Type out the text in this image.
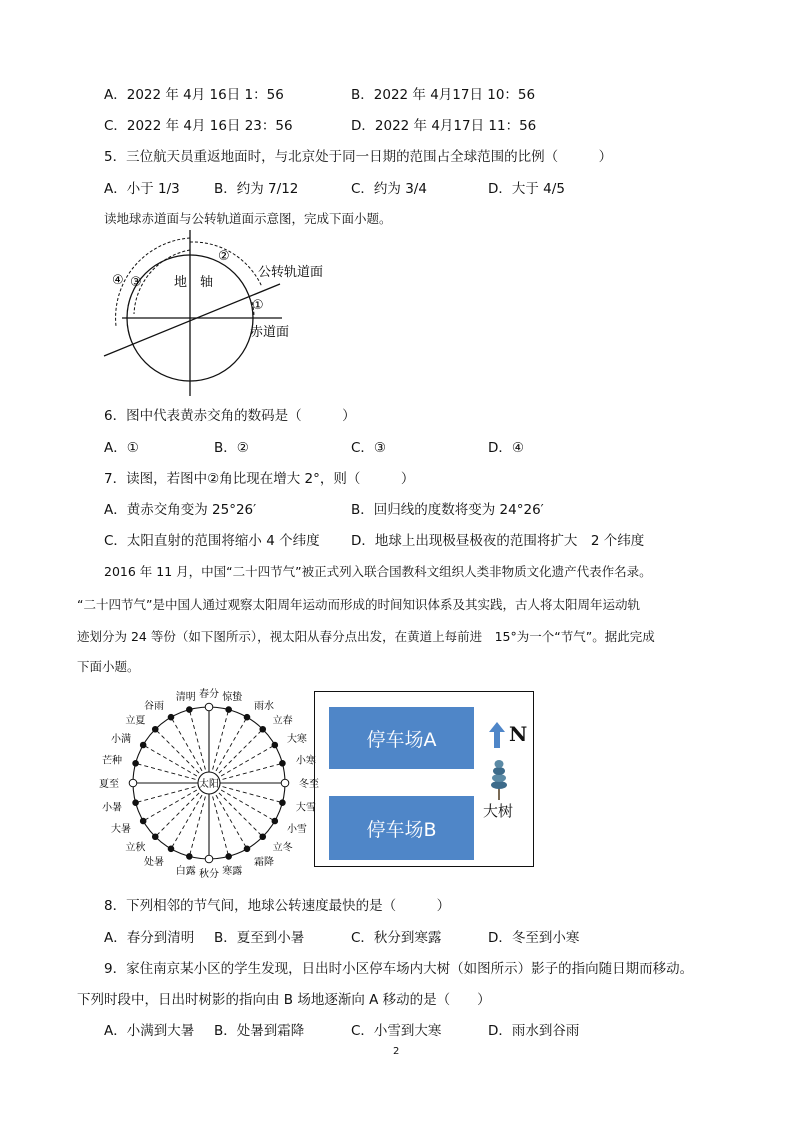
A．2022 年 4月 16日 1：56	B．2022 年 4月17日 10：56
C．2022 年 4月 16日 23：56	D．2022 年 4月17日 11：56
5．三位航天员重返地面时，与北京处于同一日期的范围占全球范围的比例（　　　）
A．小于 1/3	B．约为 7/12	C．约为 3/4	D．大于 4/5
读地球赤道面与公转轨道面示意图，完成下面小题。
地　轴
公转轨道面
赤道面
②
①
③
④
6．图中代表黄赤交角的数码是（　　　）
A．①	B．②	C．③	D．④
7．读图，若图中②角比现在增大 2°，则（　　　）
A．黄赤交角变为 25°26′	B．回归线的度数将变为 24°26′
C．太阳直射的范围将缩小 4 个纬度 D．地球上出现极昼极夜的范围将扩大　2 个纬度
2016 年 11 月，中国“二十四节气”被正式列入联合国教科文组织人类非物质文化遗产代表作名录。
“二十四节气”是中国人通过观察太阳周年运动而形成的时间知识体系及其实践，古人将太阳周年运动轨
迹划分为 24 等份（如下图所示），视太阳从春分点出发，在黄道上每前进　15°为一个“节气”。据此完成
下面小题。
春分 惊蛰
雨水
立春
大寒
小寒
冬至
大雪
小雪
立冬
霜降
寒露
秋分
白露
处暑
立秋
大暑
小暑
夏至
芒种
小满
立夏
谷雨
清明
太阳
停车场A
停车场B
N
大树
8．下列相邻的节气间，地球公转速度最快的是（　　　）
A．春分到清明 B．夏至到小暑	C．秋分到寒露	D．冬至到小寒
9．家住南京某小区的学生发现，日出时小区停车场内大树（如图所示）影子的指向随日期而移动。
下列时段中，日出时树影的指向由 B 场地逐渐向 A 移动的是（　　）
A．小满到大暑 B．处暑到霜降	C．小雪到大寒	D．雨水到谷雨
2
